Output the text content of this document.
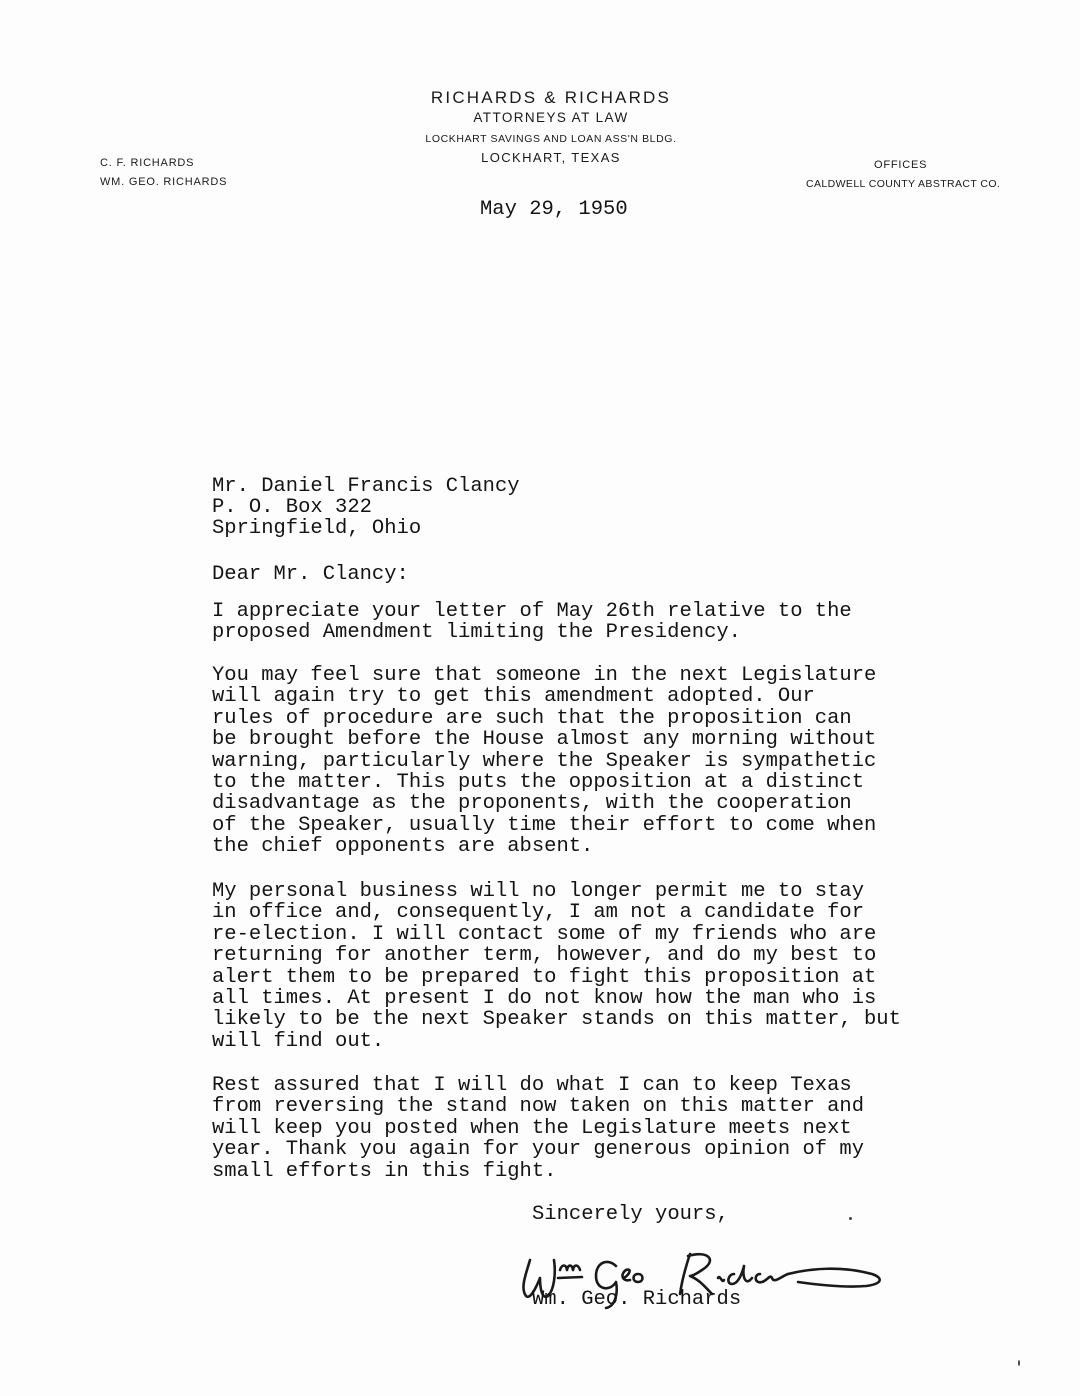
RICHARDS & RICHARDS
ATTORNEYS AT LAW
LOCKHART SAVINGS AND LOAN ASS'N BLDG.
LOCKHART, TEXAS
C. F. RICHARDS
WM. GEO. RICHARDS
OFFICES
CALDWELL COUNTY ABSTRACT CO.
May 29, 1950
Mr. Daniel Francis Clancy
P. O. Box 322
Springfield, Ohio
Dear Mr. Clancy:
I appreciate your letter of May 26th relative to the
proposed Amendment limiting the Presidency.
You may feel sure that someone in the next Legislature
will again try to get this amendment adopted. Our
rules of procedure are such that the proposition can
be brought before the House almost any morning without
warning, particularly where the Speaker is sympathetic
to the matter. This puts the opposition at a distinct
disadvantage as the proponents, with the cooperation
of the Speaker, usually time their effort to come when
the chief opponents are absent.
My personal business will no longer permit me to stay
in office and, consequently, I am not a candidate for
re-election. I will contact some of my friends who are
returning for another term, however, and do my best to
alert them to be prepared to fight this proposition at
all times. At present I do not know how the man who is
likely to be the next Speaker stands on this matter, but
will find out.
Rest assured that I will do what I can to keep Texas
from reversing the stand now taken on this matter and
will keep you posted when the Legislature meets next
year. Thank you again for your generous opinion of my
small efforts in this fight.
Sincerely yours,
Wm. Geo. Richards
